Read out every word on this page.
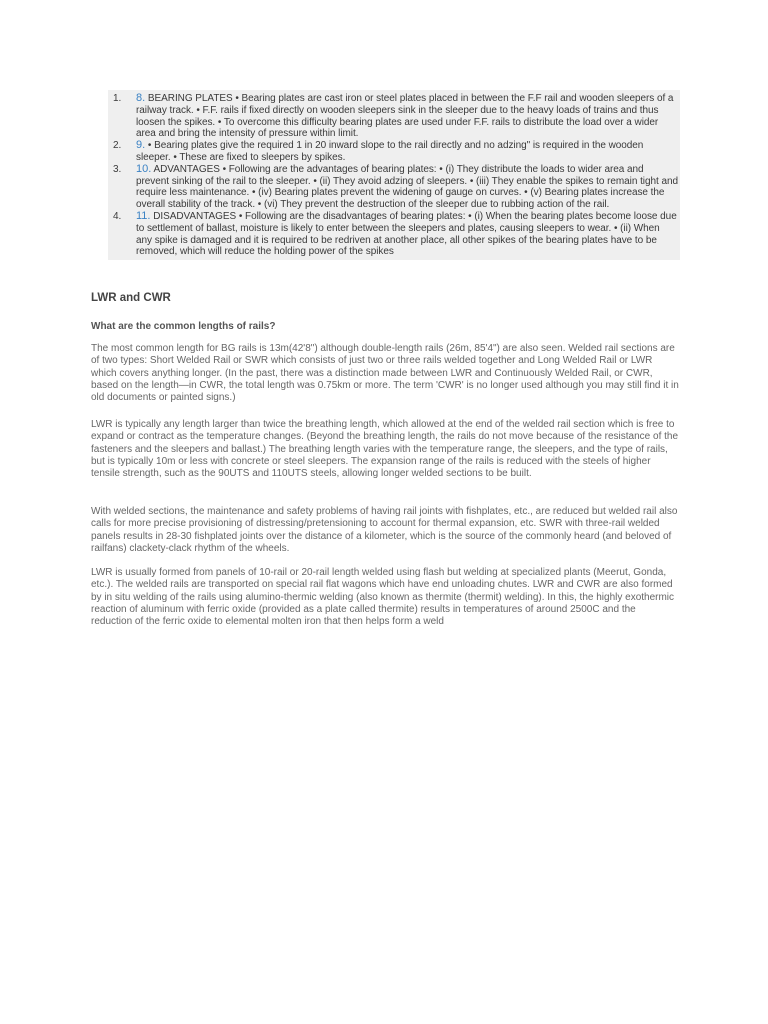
1. 8. BEARING PLATES • Bearing plates are cast iron or steel plates placed in between the F.F rail and wooden sleepers of a railway track. • F.F. rails if fixed directly on wooden sleepers sink in the sleeper due to the heavy loads of trains and thus loosen the spikes. • To overcome this difficulty bearing plates are used under F.F. rails to distribute the load over a wider area and bring the intensity of pressure within limit.
2. 9. • Bearing plates give the required 1 in 20 inward slope to the rail directly and no adzing" is required in the wooden sleeper. • These are fixed to sleepers by spikes.
3. 10. ADVANTAGES • Following are the advantages of bearing plates: • (i) They distribute the loads to wider area and prevent sinking of the rail to the sleeper. • (ii) They avoid adzing of sleepers. • (iii) They enable the spikes to remain tight and require less maintenance. • (iv) Bearing plates prevent the widening of gauge on curves. • (v) Bearing plates increase the overall stability of the track. • (vi) They prevent the destruction of the sleeper due to rubbing action of the rail.
4. 11. DISADVANTAGES • Following are the disadvantages of bearing plates: • (i) When the bearing plates become loose due to settlement of ballast, moisture is likely to enter between the sleepers and plates, causing sleepers to wear. • (ii) When any spike is damaged and it is required to be redriven at another place, all other spikes of the bearing plates have to be removed, which will reduce the holding power of the spikes
LWR and CWR
What are the common lengths of rails?

The most common length for BG rails is 13m(42'8") although double-length rails (26m, 85'4") are also seen. Welded rail sections are of two types: Short Welded Rail or SWR which consists of just two or three rails welded together and Long Welded Rail or LWR which covers anything longer. (In the past, there was a distinction made between LWR and Continuously Welded Rail, or CWR, based on the length—in CWR, the total length was 0.75km or more. The term 'CWR' is no longer used although you may still find it in old documents or painted signs.)

LWR is typically any length larger than twice the breathing length, which allowed at the end of the welded rail section which is free to expand or contract as the temperature changes. (Beyond the breathing length, the rails do not move because of the resistance of the fasteners and the sleepers and ballast.) The breathing length varies with the temperature range, the sleepers, and the type of rails, but is typically 10m or less with concrete or steel sleepers. The expansion range of the rails is reduced with the steels of higher tensile strength, such as the 90UTS and 110UTS steels, allowing longer welded sections to be built.

With welded sections, the maintenance and safety problems of having rail joints with fishplates, etc., are reduced but welded rail also calls for more precise provisioning of distressing/pretensioning to account for thermal expansion, etc. SWR with three-rail welded panels results in 28-30 fishplated joints over the distance of a kilometer, which is the source of the commonly heard (and beloved of railfans) clackety-clack rhythm of the wheels.

LWR is usually formed from panels of 10-rail or 20-rail length welded using flash but welding at specialized plants (Meerut, Gonda, etc.). The welded rails are transported on special rail flat wagons which have end unloading chutes. LWR and CWR are also formed by in situ welding of the rails using alumino-thermic welding (also known as thermite (thermit) welding). In this, the highly exothermic reaction of aluminum with ferric oxide (provided as a plate called thermite) results in temperatures of around 2500C and the reduction of the ferric oxide to elemental molten iron that then helps form a weld
